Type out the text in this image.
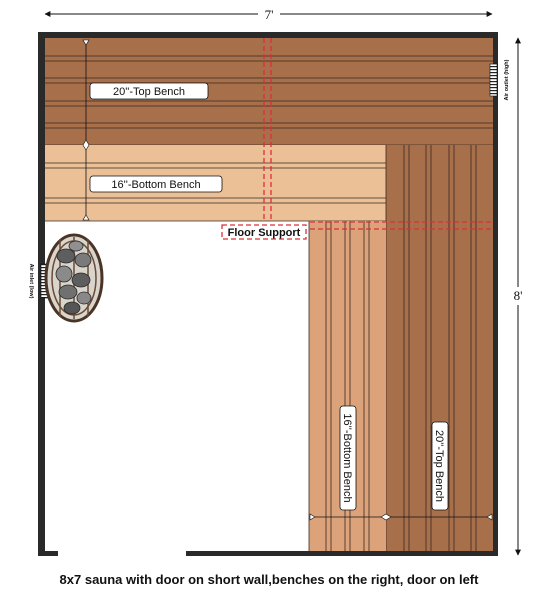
7'
8'
Floor Support
20''-Top Bench
16''-Bottom Bench
16''-Bottom Bench	20''-Top Bench
Air outlet (high)
Air inlet (low)
8x7 sauna with door on short wall,benches on the right, door on left
